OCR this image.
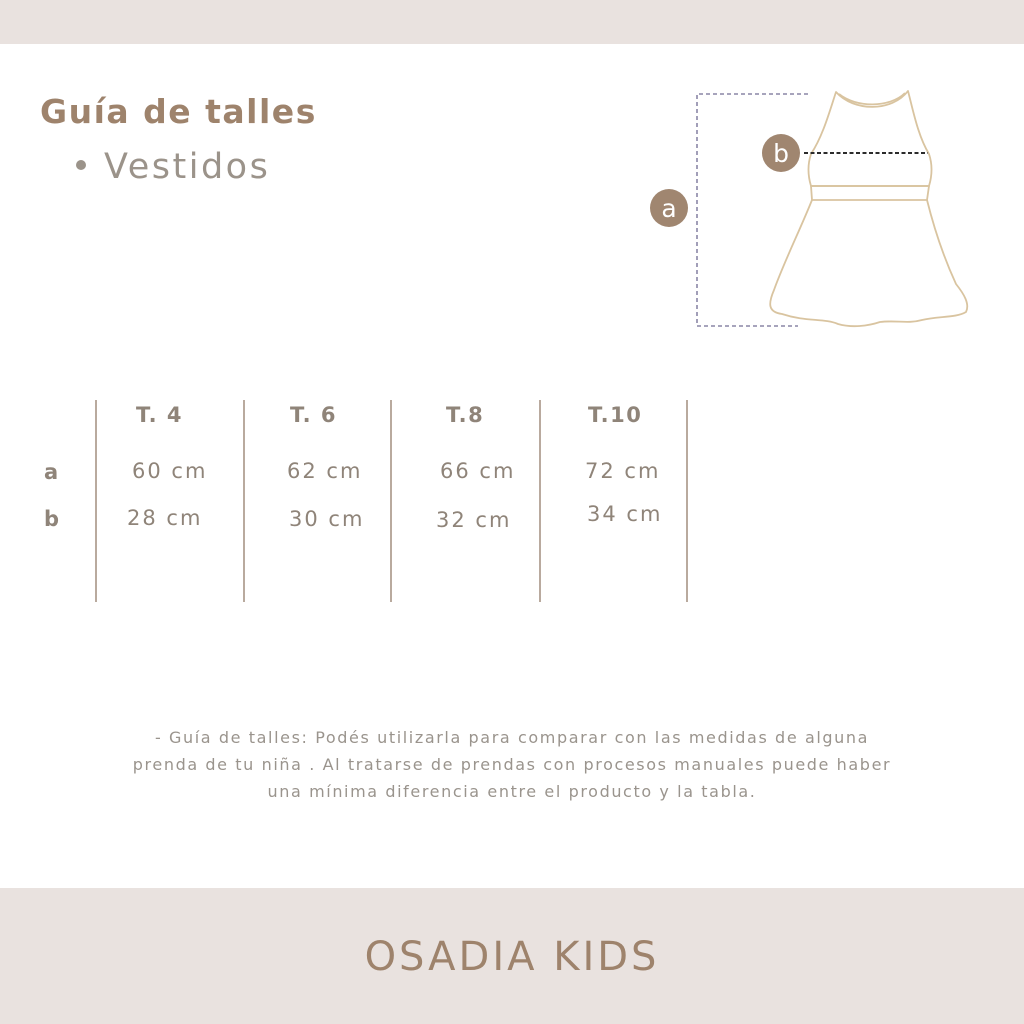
Guía de talles
Vestidos
a
b
T. 4	T. 6	T.8	T.10
a
b
60 cm	62 cm	66 cm	72 cm
28 cm	30 cm	32 cm	34 cm
- Guía de talles: Podés utilizarla para comparar con las medidas de alguna
prenda de tu niña . Al tratarse de prendas con procesos manuales puede haber
una mínima diferencia entre el producto y la tabla.
OSADIA KIDS
